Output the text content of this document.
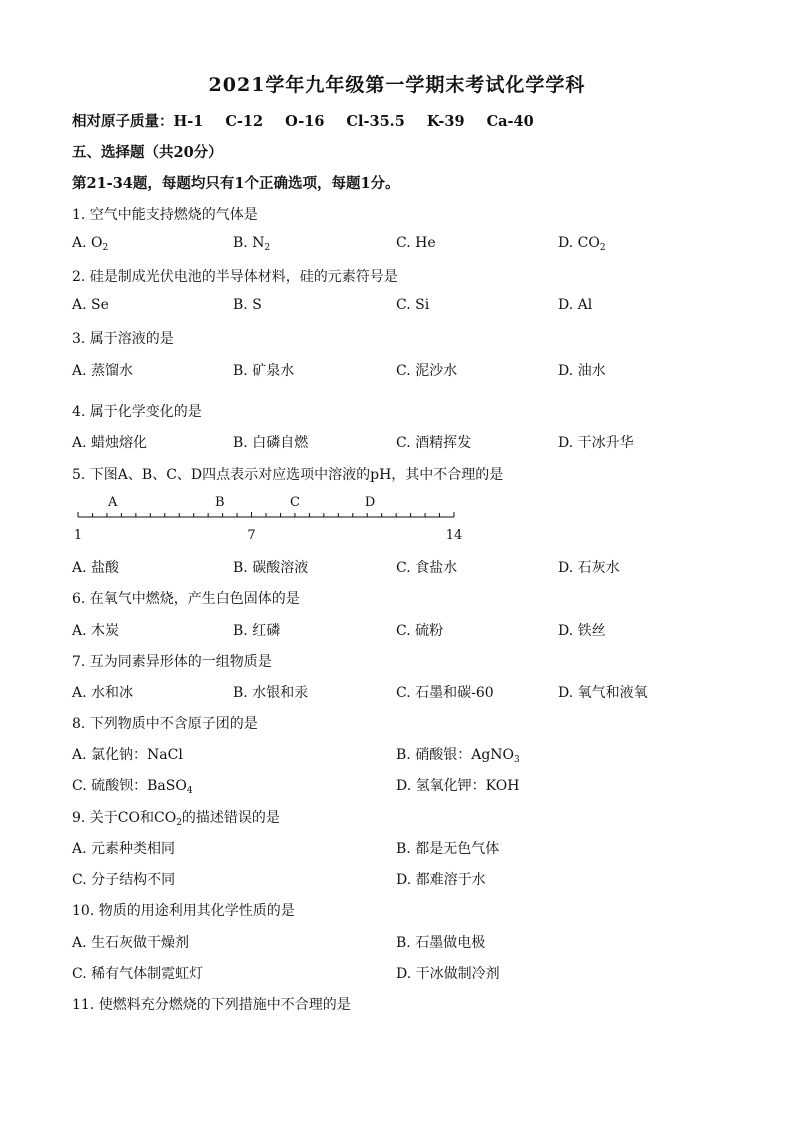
2021学年九年级第一学期末考试化学学科
相对原子质量：H-1 C-12 O-16 Cl-35.5 K-39 Ca-40
五、选择题（共20分）
第21-34题，每题均只有1个正确选项，每题1分。
1. 空气中能支持燃烧的气体是
A. $O_2$	B. $N_2$	C. He	D. $CO_2$
2. 硅是制成光伏电池的半导体材料，硅的元素符号是
A. Se	B. S	C. Si	D. Al
3. 属于溶液的是
A. 蒸馏水	B. 矿泉水	C. 泥沙水	D. 油水
4. 属于化学变化的是
A. 蜡烛熔化	B. 白磷自燃	C. 酒精挥发	D. 干冰升华
5. 下图A、B、C、D四点表示对应选项中溶液的pH，其中不合理的是
1	7	14
A	B	C	D
A. 盐酸	B. 碳酸溶液	C. 食盐水	D. 石灰水
6. 在氧气中燃烧，产生白色固体的是
A. 木炭	B. 红磷	C. 硫粉	D. 铁丝
7. 互为同素异形体的一组物质是
A. 水和冰	B. 水银和汞	C. 石墨和碳-60	D. 氧气和液氧
8. 下列物质中不含原子团的是
A. 氯化钠：NaCl	B. 硝酸银：AgNO$_3$
C. 硫酸钡：BaSO$_4$	D. 氢氧化钾：KOH
9. 关于CO和$CO_2$的描述错误的是
A. 元素种类相同	B. 都是无色气体
C. 分子结构不同	D. 都难溶于水
10. 物质的用途利用其化学性质的是
A. 生石灰做干燥剂	B. 石墨做电极
C. 稀有气体制霓虹灯	D. 干冰做制冷剂
11. 使燃料充分燃烧的下列措施中不合理的是
